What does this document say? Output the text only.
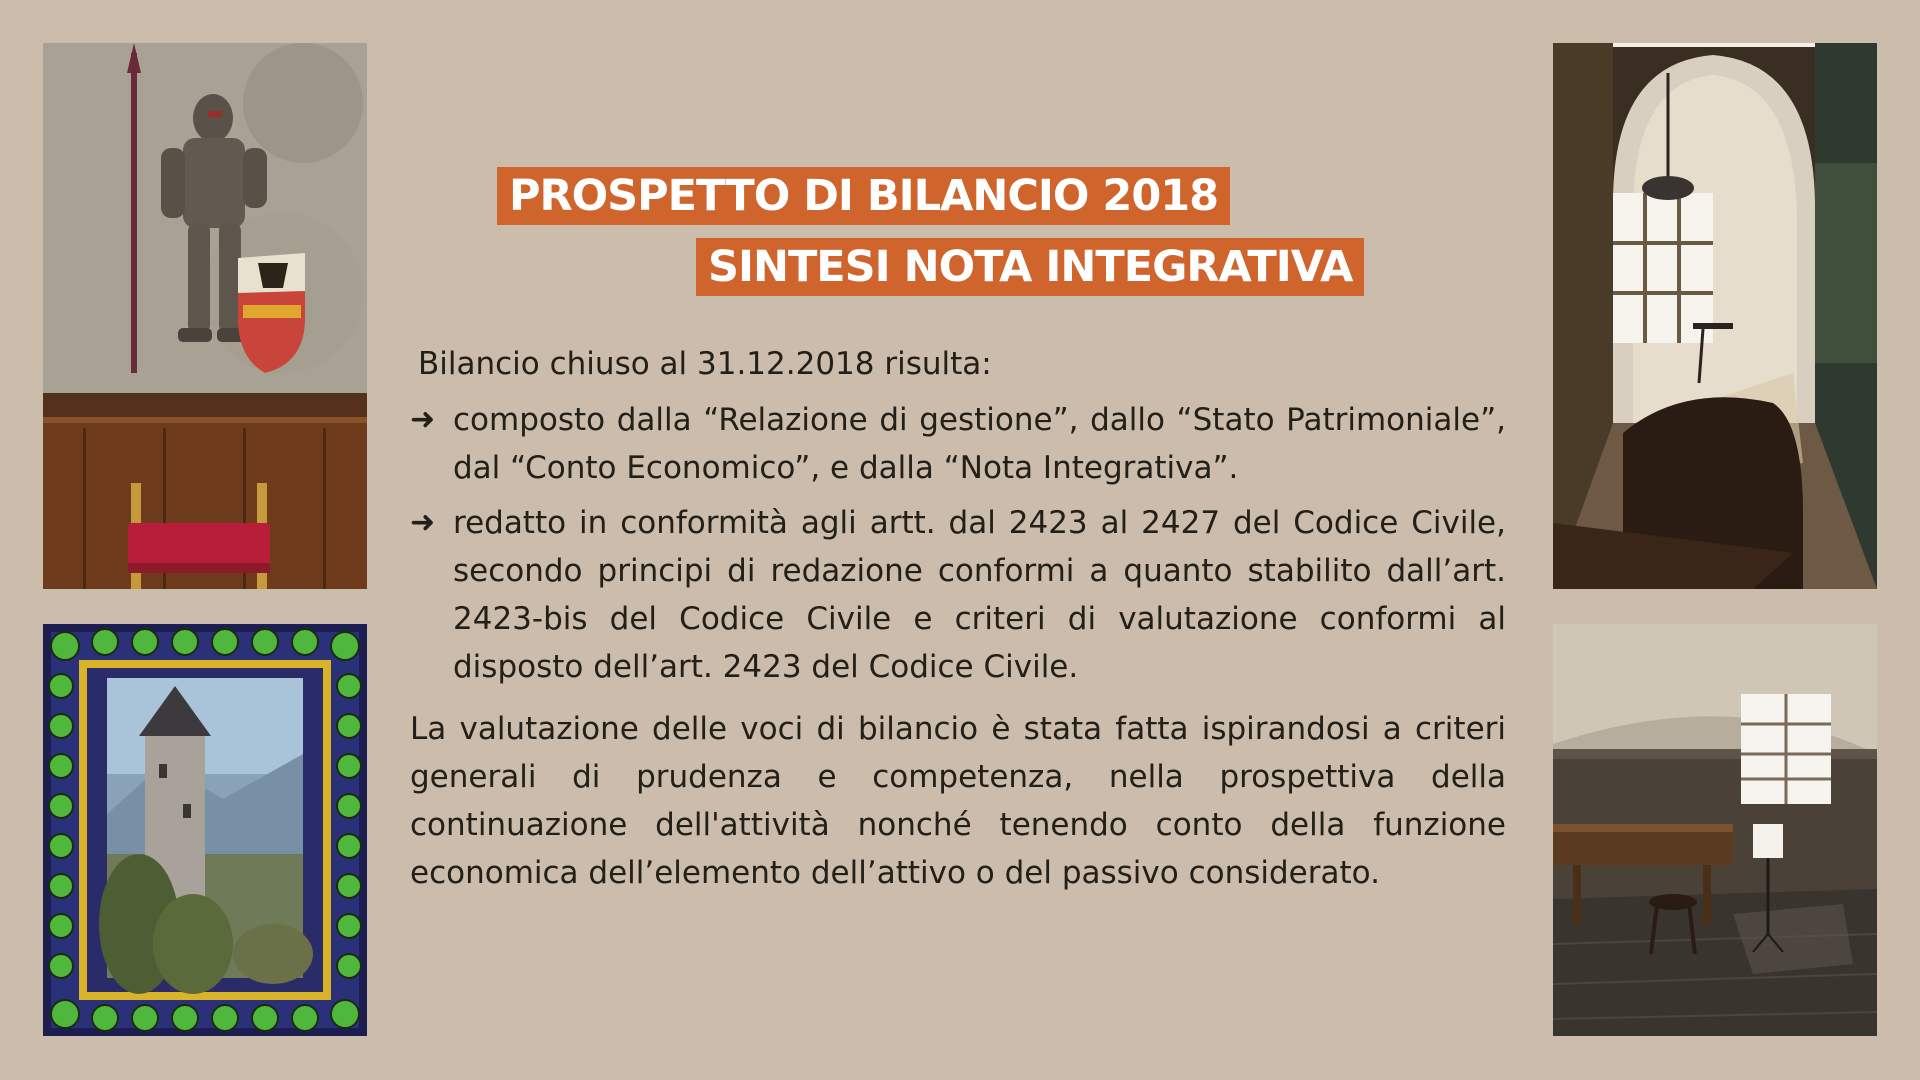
PROSPETTO DI BILANCIO 2018
SINTESI NOTA INTEGRATIVA
Bilancio chiuso al 31.12.2018 risulta:
➜ composto dalla “Relazione di gestione”, dallo “Stato Patrimoniale”, dal “Conto Economico”, e dalla “Nota Integrativa”.
➜ redatto in conformità agli artt. dal 2423 al 2427 del Codice Civile, secondo principi di redazione conformi a quanto stabilito dall’art. 2423-bis del Codice Civile e criteri di valutazione conformi al disposto dell’art. 2423 del Codice Civile.
La valutazione delle voci di bilancio è stata fatta ispirandosi a criteri generali di prudenza e competenza, nella prospettiva della continuazione dell'attività nonché tenendo conto della funzione economica dell’elemento dell’attivo o del passivo considerato.
